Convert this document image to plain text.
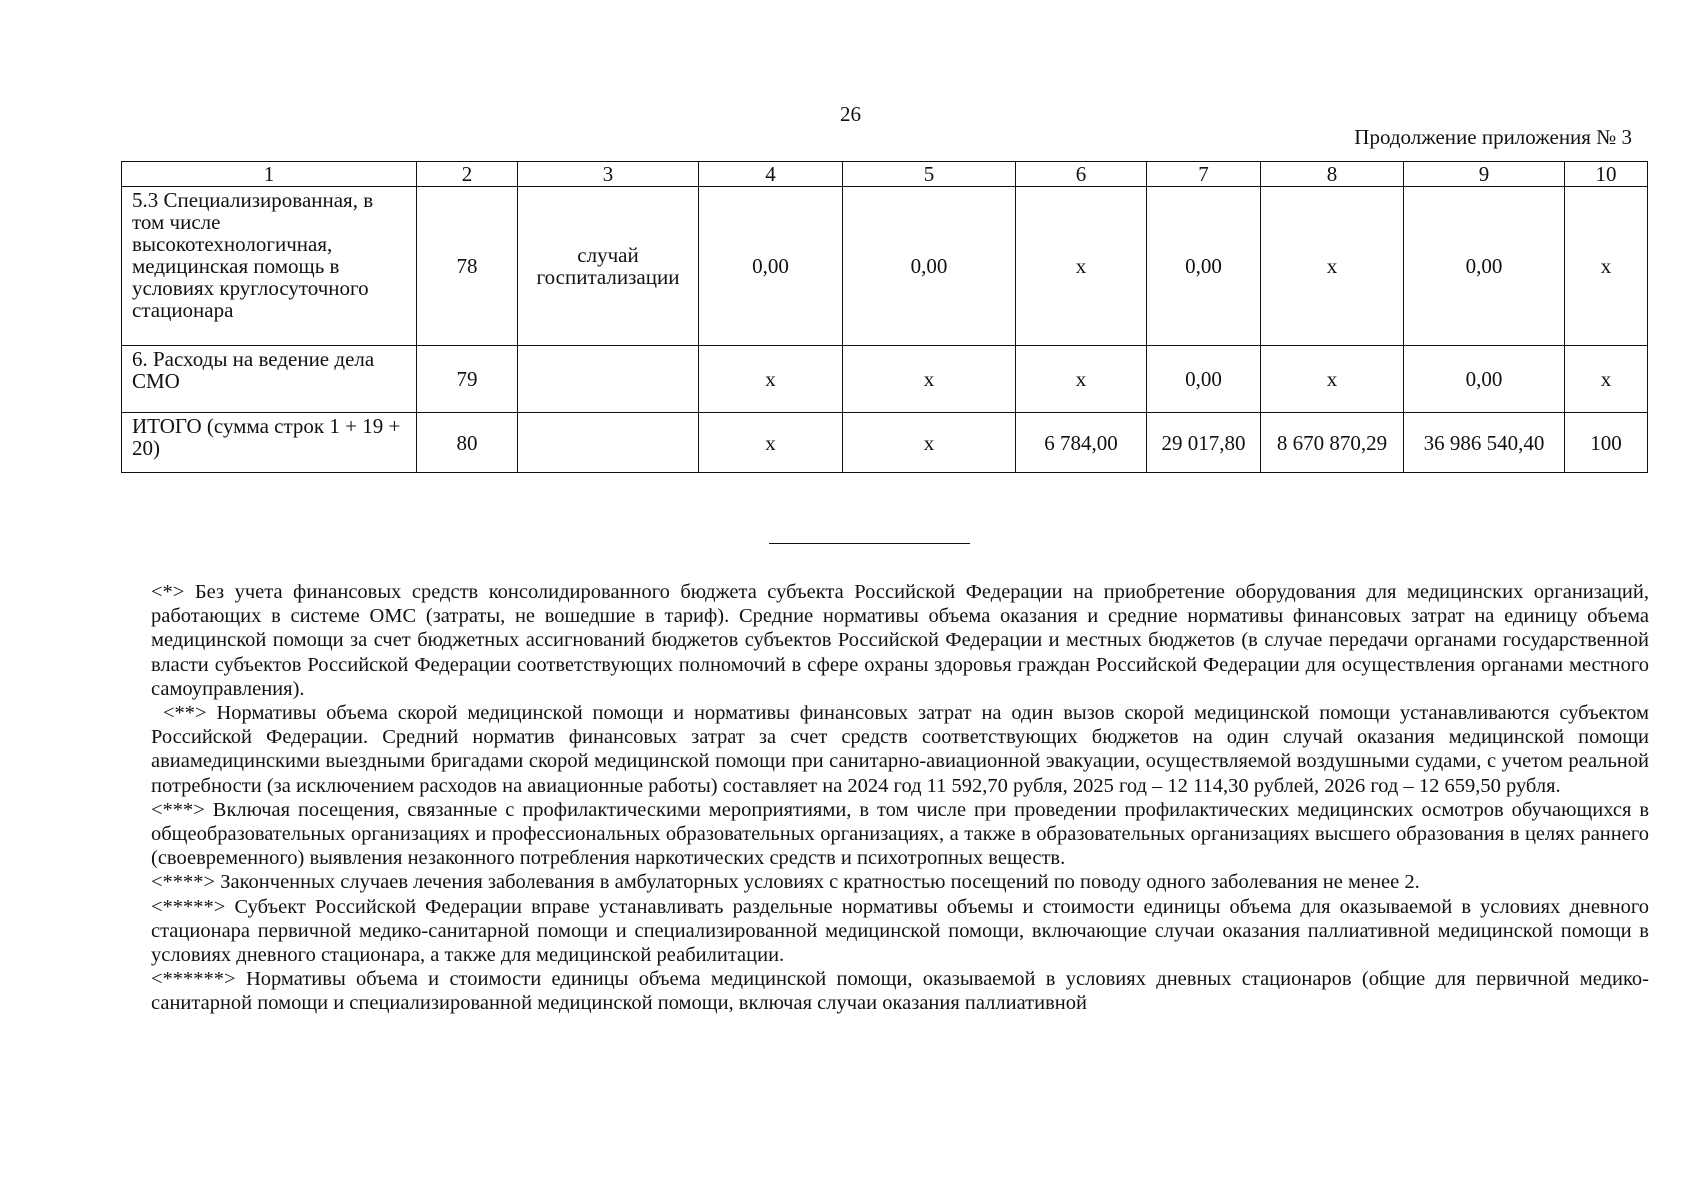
26
Продолжение приложения № 3
1	2	3	4	5	6	7	8	9	10
5.3 Специализированная, в том числе высокотехнологичная, медицинская помощь в условиях круглосуточного стационара	78	случай госпитализации	0,00	0,00	х	0,00	х	0,00	х
6. Расходы на ведение дела СМО	79		х	х	х	0,00	х	0,00	х
ИТОГО (сумма строк 1 + 19 + 20)	80		х	х	6 784,00	29 017,80	8 670 870,29	36 986 540,40	100

<*> Без учета финансовых средств консолидированного бюджета субъекта Российской Федерации на приобретение оборудования для медицинских организаций, работающих в системе ОМС (затраты, не вошедшие в тариф). Средние нормативы объема оказания и средние нормативы финансовых затрат на единицу объема медицинской помощи за счет бюджетных ассигнований бюджетов субъектов Российской Федерации и местных бюджетов (в случае передачи органами государственной власти субъектов Российской Федерации соответствующих полномочий в сфере охраны здоровья граждан Российской Федерации для осуществления органами местного самоуправления).

<**> Нормативы объема скорой медицинской помощи и нормативы финансовых затрат на один вызов скорой медицинской помощи устанавливаются субъектом Российской Федерации. Средний норматив финансовых затрат за счет средств соответствующих бюджетов на один случай оказания медицинской помощи авиамедицинскими выездными бригадами скорой медицинской помощи при санитарно-авиационной эвакуации, осуществляемой воздушными судами, с учетом реальной потребности (за исключением расходов на авиационные работы) составляет на 2024 год 11 592,70 рубля, 2025 год – 12 114,30 рублей, 2026 год – 12 659,50 рубля.

<***> Включая посещения, связанные с профилактическими мероприятиями, в том числе при проведении профилактических медицинских осмотров обучающихся в общеобразовательных организациях и профессиональных образовательных организациях, а также в образовательных организациях высшего образования в целях раннего (своевременного) выявления незаконного потребления наркотических средств и психотропных веществ.

<****> Законченных случаев лечения заболевания в амбулаторных условиях с кратностью посещений по поводу одного заболевания не менее 2.

<*****> Субъект Российской Федерации вправе устанавливать раздельные нормативы объемы и стоимости единицы объема для оказываемой в условиях дневного стационара первичной медико-санитарной помощи и специализированной медицинской помощи, включающие случаи оказания паллиативной медицинской помощи в условиях дневного стационара, а также для медицинской реабилитации.

<******> Нормативы объема и стоимости единицы объема медицинской помощи, оказываемой в условиях дневных стационаров (общие для первичной медико-санитарной помощи и специализированной медицинской помощи, включая случаи оказания паллиативной
